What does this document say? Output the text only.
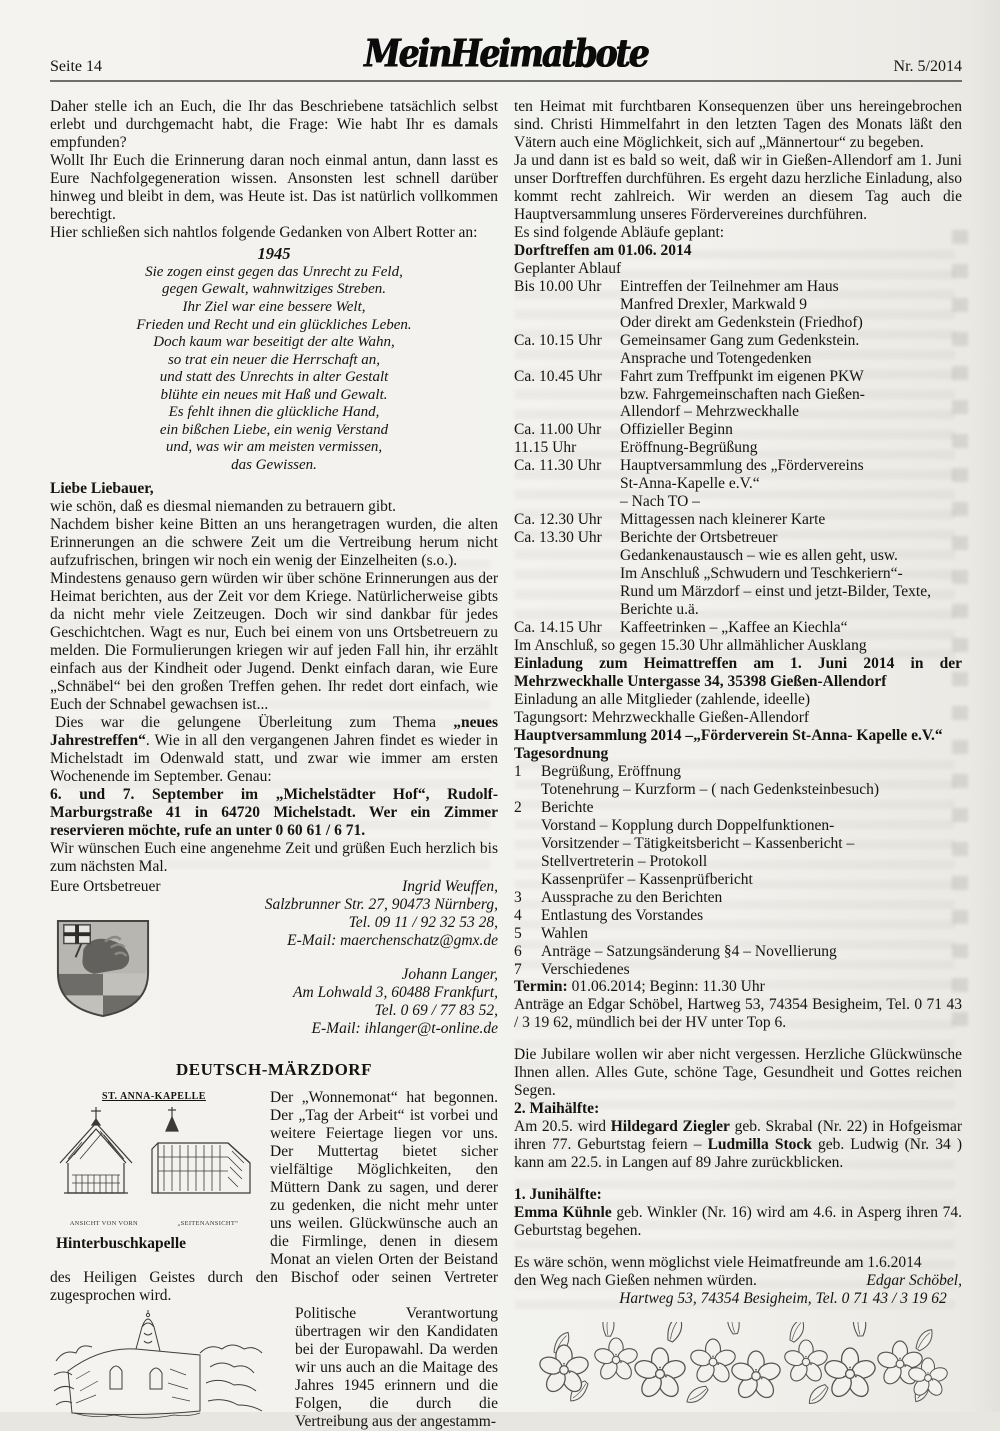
Seite 14	MeinHeimatbote	Nr. 5/2014

Daher stelle ich an Euch, die Ihr das Beschriebene tatsächlich selbst erlebt und durchgemacht habt, die Frage: Wie habt Ihr es damals empfunden?

Wollt Ihr Euch die Erinnerung daran noch einmal antun, dann lasst es Eure Nachfolgegeneration wissen. Ansonsten lest schnell darüber hinweg und bleibt in dem, was Heute ist. Das ist natürlich vollkommen berechtigt.

Hier schließen sich nahtlos folgende Gedanken von Albert Rotter an:

1945
Sie zogen einst gegen das Unrecht zu Feld,
gegen Gewalt, wahnwitziges Streben.
Ihr Ziel war eine bessere Welt,
Frieden und Recht und ein glückliches Leben.
Doch kaum war beseitigt der alte Wahn,
so trat ein neuer die Herrschaft an,
und statt des Unrechts in alter Gestalt
blühte ein neues mit Haß und Gewalt.
Es fehlt ihnen die glückliche Hand,
ein bißchen Liebe, ein wenig Verstand
und, was wir am meisten vermissen,
das Gewissen.

Liebe Liebauer,

wie schön, daß es diesmal niemanden zu betrauern gibt.

Nachdem bisher keine Bitten an uns herangetragen wurden, die alten Erinnerungen an die schwere Zeit um die Vertreibung herum nicht aufzufrischen, bringen wir noch ein wenig der Einzelheiten (s.o.).

Mindestens genauso gern würden wir über schöne Erinnerungen aus der Heimat berichten, aus der Zeit vor dem Kriege. Natürlicherweise gibts da nicht mehr viele Zeitzeugen. Doch wir sind dankbar für jedes Geschichtchen. Wagt es nur, Euch bei einem von uns Ortsbetreuern zu melden. Die Formulierungen kriegen wir auf jeden Fall hin, ihr erzählt einfach aus der Kindheit oder Jugend. Denkt einfach daran, wie Eure „Schnäbel“ bei den großen Treffen gehen. Ihr redet dort einfach, wie Euch der Schnabel gewachsen ist...

Dies war die gelungene Überleitung zum Thema „neues Jahrestreffen“. Wie in all den vergangenen Jahren findet es wieder in Michelstadt im Odenwald statt, und zwar wie immer am ersten Wochenende im September. Genau:

6. und 7. September im „Michelstädter Hof“, Rudolf-Marburgstraße 41 in 64720 Michelstadt. Wer ein Zimmer reservieren möchte, rufe an unter 0 60 61 / 6 71.

Wir wünschen Euch eine angenehme Zeit und grüßen Euch herzlich bis zum nächsten Mal.

Eure Ortsbetreuer	Ingrid Weuffen,
Salzbrunner Str. 27, 90473 Nürnberg,
Tel. 09 11 / 92 32 53 28,
E-Mail: maerchenschatz@gmx.de
Johann Langer,
Am Lohwald 3, 60488 Frankfurt,
Tel. 0 69 / 77 83 52,
E-Mail: ihlanger@t-online.de
DEUTSCH-MÄRZDORF
ST. ANNA-KAPELLE
ANSICHT VON VORN	„SEITENANSICHT“
Hinterbuschkapelle

Der „Wonnemonat“ hat begonnen. Der „Tag der Arbeit“ ist vorbei und weitere Feiertage liegen vor uns. Der Muttertag bietet sicher vielfältige Möglichkeiten, den Müttern Dank zu sagen, und derer zu gedenken, die nicht mehr unter uns weilen. Glückwünsche auch an die Firmlinge, denen in diesem Monat an vielen Orten der Beistand des Heiligen Geistes durch den Bischof oder seinen Vertreter zugesprochen wird.

Politische Verantwortung übertragen wir den Kandidaten bei der Europawahl. Da werden wir uns auch an die Maitage des Jahres 1945 erinnern und die Folgen, die durch die Vertreibung aus der angestamm-

ten Heimat mit furchtbaren Konsequenzen über uns hereingebrochen sind. Christi Himmelfahrt in den letzten Tagen des Monats läßt den Vätern auch eine Möglichkeit, sich auf „Männertour“ zu begeben.

Ja und dann ist es bald so weit, daß wir in Gießen-Allendorf am 1. Juni unser Dorftreffen durchführen. Es ergeht dazu herzliche Einladung, also kommt recht zahlreich. Wir werden an diesem Tag auch die Hauptversammlung unseres Fördervereines durchführen.

Es sind folgende Abläufe geplant:

Dorftreffen am 01.06. 2014

Geplanter Ablauf

Bis 10.00 Uhr	Eintreffen der Teilnehmer am Haus
Manfred Drexler, Markwald 9
Oder direkt am Gedenkstein (Friedhof)
Ca. 10.15 Uhr	Gemeinsamer Gang zum Gedenkstein.
Ansprache und Totengedenken
Ca. 10.45 Uhr	Fahrt zum Treffpunkt im eigenen PKW
bzw. Fahrgemeinschaften nach Gießen-
Allendorf – Mehrzweckhalle
Ca. 11.00 Uhr	Offizieller Beginn
11.15 Uhr	Eröffnung-Begrüßung
Ca. 11.30 Uhr	Hauptversammlung des „Fördervereins
St-Anna-Kapelle e.V.“
– Nach TO –
Ca. 12.30 Uhr	Mittagessen nach kleinerer Karte
Ca. 13.30 Uhr	Berichte der Ortsbetreuer
Gedankenaustausch – wie es allen geht, usw.
Im Anschluß „Schwudern und Teschkeriern“-
Rund um Märzdorf – einst und jetzt-Bilder, Texte,
Berichte u.ä.
Ca. 14.15 Uhr	Kaffeetrinken – „Kaffee an Kiechla“

Im Anschluß, so gegen 15.30 Uhr allmählicher Ausklang

Einladung zum Heimattreffen am 1. Juni 2014 in der Mehrzweckhalle Untergasse 34, 35398 Gießen-Allendorf

Einladung an alle Mitglieder (zahlende, ideelle)

Tagungsort: Mehrzweckhalle Gießen-Allendorf

Hauptversammlung 2014 –„Förderverein St-Anna- Kapelle e.V.“
Tagesordnung
1	Begrüßung, Eröffnung
Totenehrung – Kurzform – ( nach Gedenksteinbesuch)
2	Berichte
Vorstand – Kopplung durch Doppelfunktionen-
Vorsitzender – Tätigkeitsbericht – Kassenbericht –
Stellvertreterin – Protokoll
Kassenprüfer – Kassenprüfbericht
3	Aussprache zu den Berichten
4	Entlastung des Vorstandes
5	Wahlen
6	Anträge – Satzungsänderung §4 – Novellierung
7	Verschiedenes

Termin: 01.06.2014; Beginn: 11.30 Uhr

Anträge an Edgar Schöbel, Hartweg 53, 74354 Besigheim, Tel. 0 71 43 / 3 19 62, mündlich bei der HV unter Top 6.

Die Jubilare wollen wir aber nicht vergessen. Herzliche Glückwünsche Ihnen allen. Alles Gute, schöne Tage, Gesundheit und Gottes reichen Segen.

2. Maihälfte:

Am 20.5. wird Hildegard Ziegler geb. Skrabal (Nr. 22) in Hofgeismar ihren 77. Geburtstag feiern – Ludmilla Stock geb. Ludwig (Nr. 34 ) kann am 22.5. in Langen auf 89 Jahre zurückblicken.

1. Junihälfte:

Emma Kühnle geb. Winkler (Nr. 16) wird am 4.6. in Asperg ihren 74. Geburtstag begehen.

Es wäre schön, wenn möglichst viele Heimatfreunde am 1.6.2014
den Weg nach Gießen nehmen würden.	Edgar Schöbel,
Hartweg 53, 74354 Besigheim, Tel. 0 71 43 / 3 19 62
